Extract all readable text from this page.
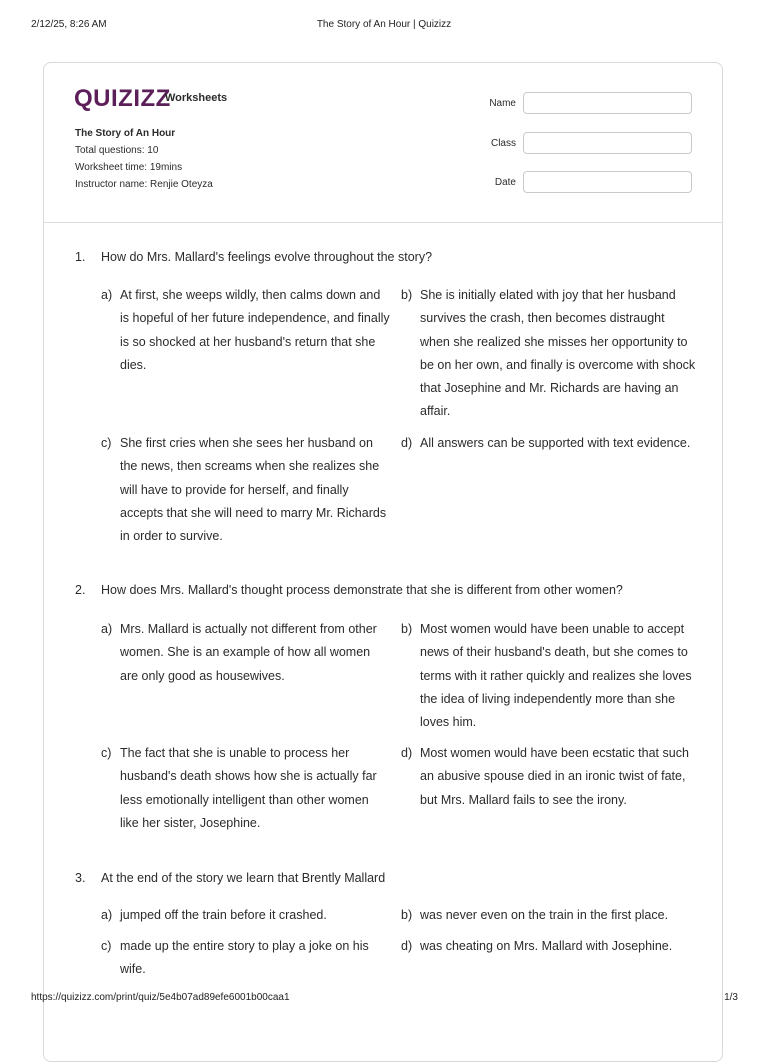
2/12/25, 8:26 AM	The Story of An Hour | Quizizz
QUIZIZZ
Worksheets
The Story of An Hour
Total questions: 10
Worksheet time: 19mins
Instructor name: Renjie Oteyza
Name
Class
Date
1. How do Mrs. Mallard's feelings evolve throughout the story?
a) At first, she weeps wildly, then calms down and is hopeful of her future independence, and finally is so shocked at her husband's return that she dies.
b) She is initially elated with joy that her husband survives the crash, then becomes distraught when she realized she misses her opportunity to be on her own, and finally is overcome with shock that Josephine and Mr. Richards are having an affair.
c) She first cries when she sees her husband on the news, then screams when she realizes she will have to provide for herself, and finally accepts that she will need to marry Mr. Richards in order to survive.
d) All answers can be supported with text evidence.
2. How does Mrs. Mallard's thought process demonstrate that she is different from other women?
a) Mrs. Mallard is actually not different from other women. She is an example of how all women are only good as housewives.
b) Most women would have been unable to accept news of their husband's death, but she comes to terms with it rather quickly and realizes she loves the idea of living independently more than she loves him.
c) The fact that she is unable to process her husband's death shows how she is actually far less emotionally intelligent than other women like her sister, Josephine.
d) Most women would have been ecstatic that such an abusive spouse died in an ironic twist of fate, but Mrs. Mallard fails to see the irony.
3. At the end of the story we learn that Brently Mallard
a) jumped off the train before it crashed.	b) was never even on the train in the first place.
c) made up the entire story to play a joke on his wife.
d) was cheating on Mrs. Mallard with Josephine.
https://quizizz.com/print/quiz/5e4b07ad89efe6001b00caa1	1/3
